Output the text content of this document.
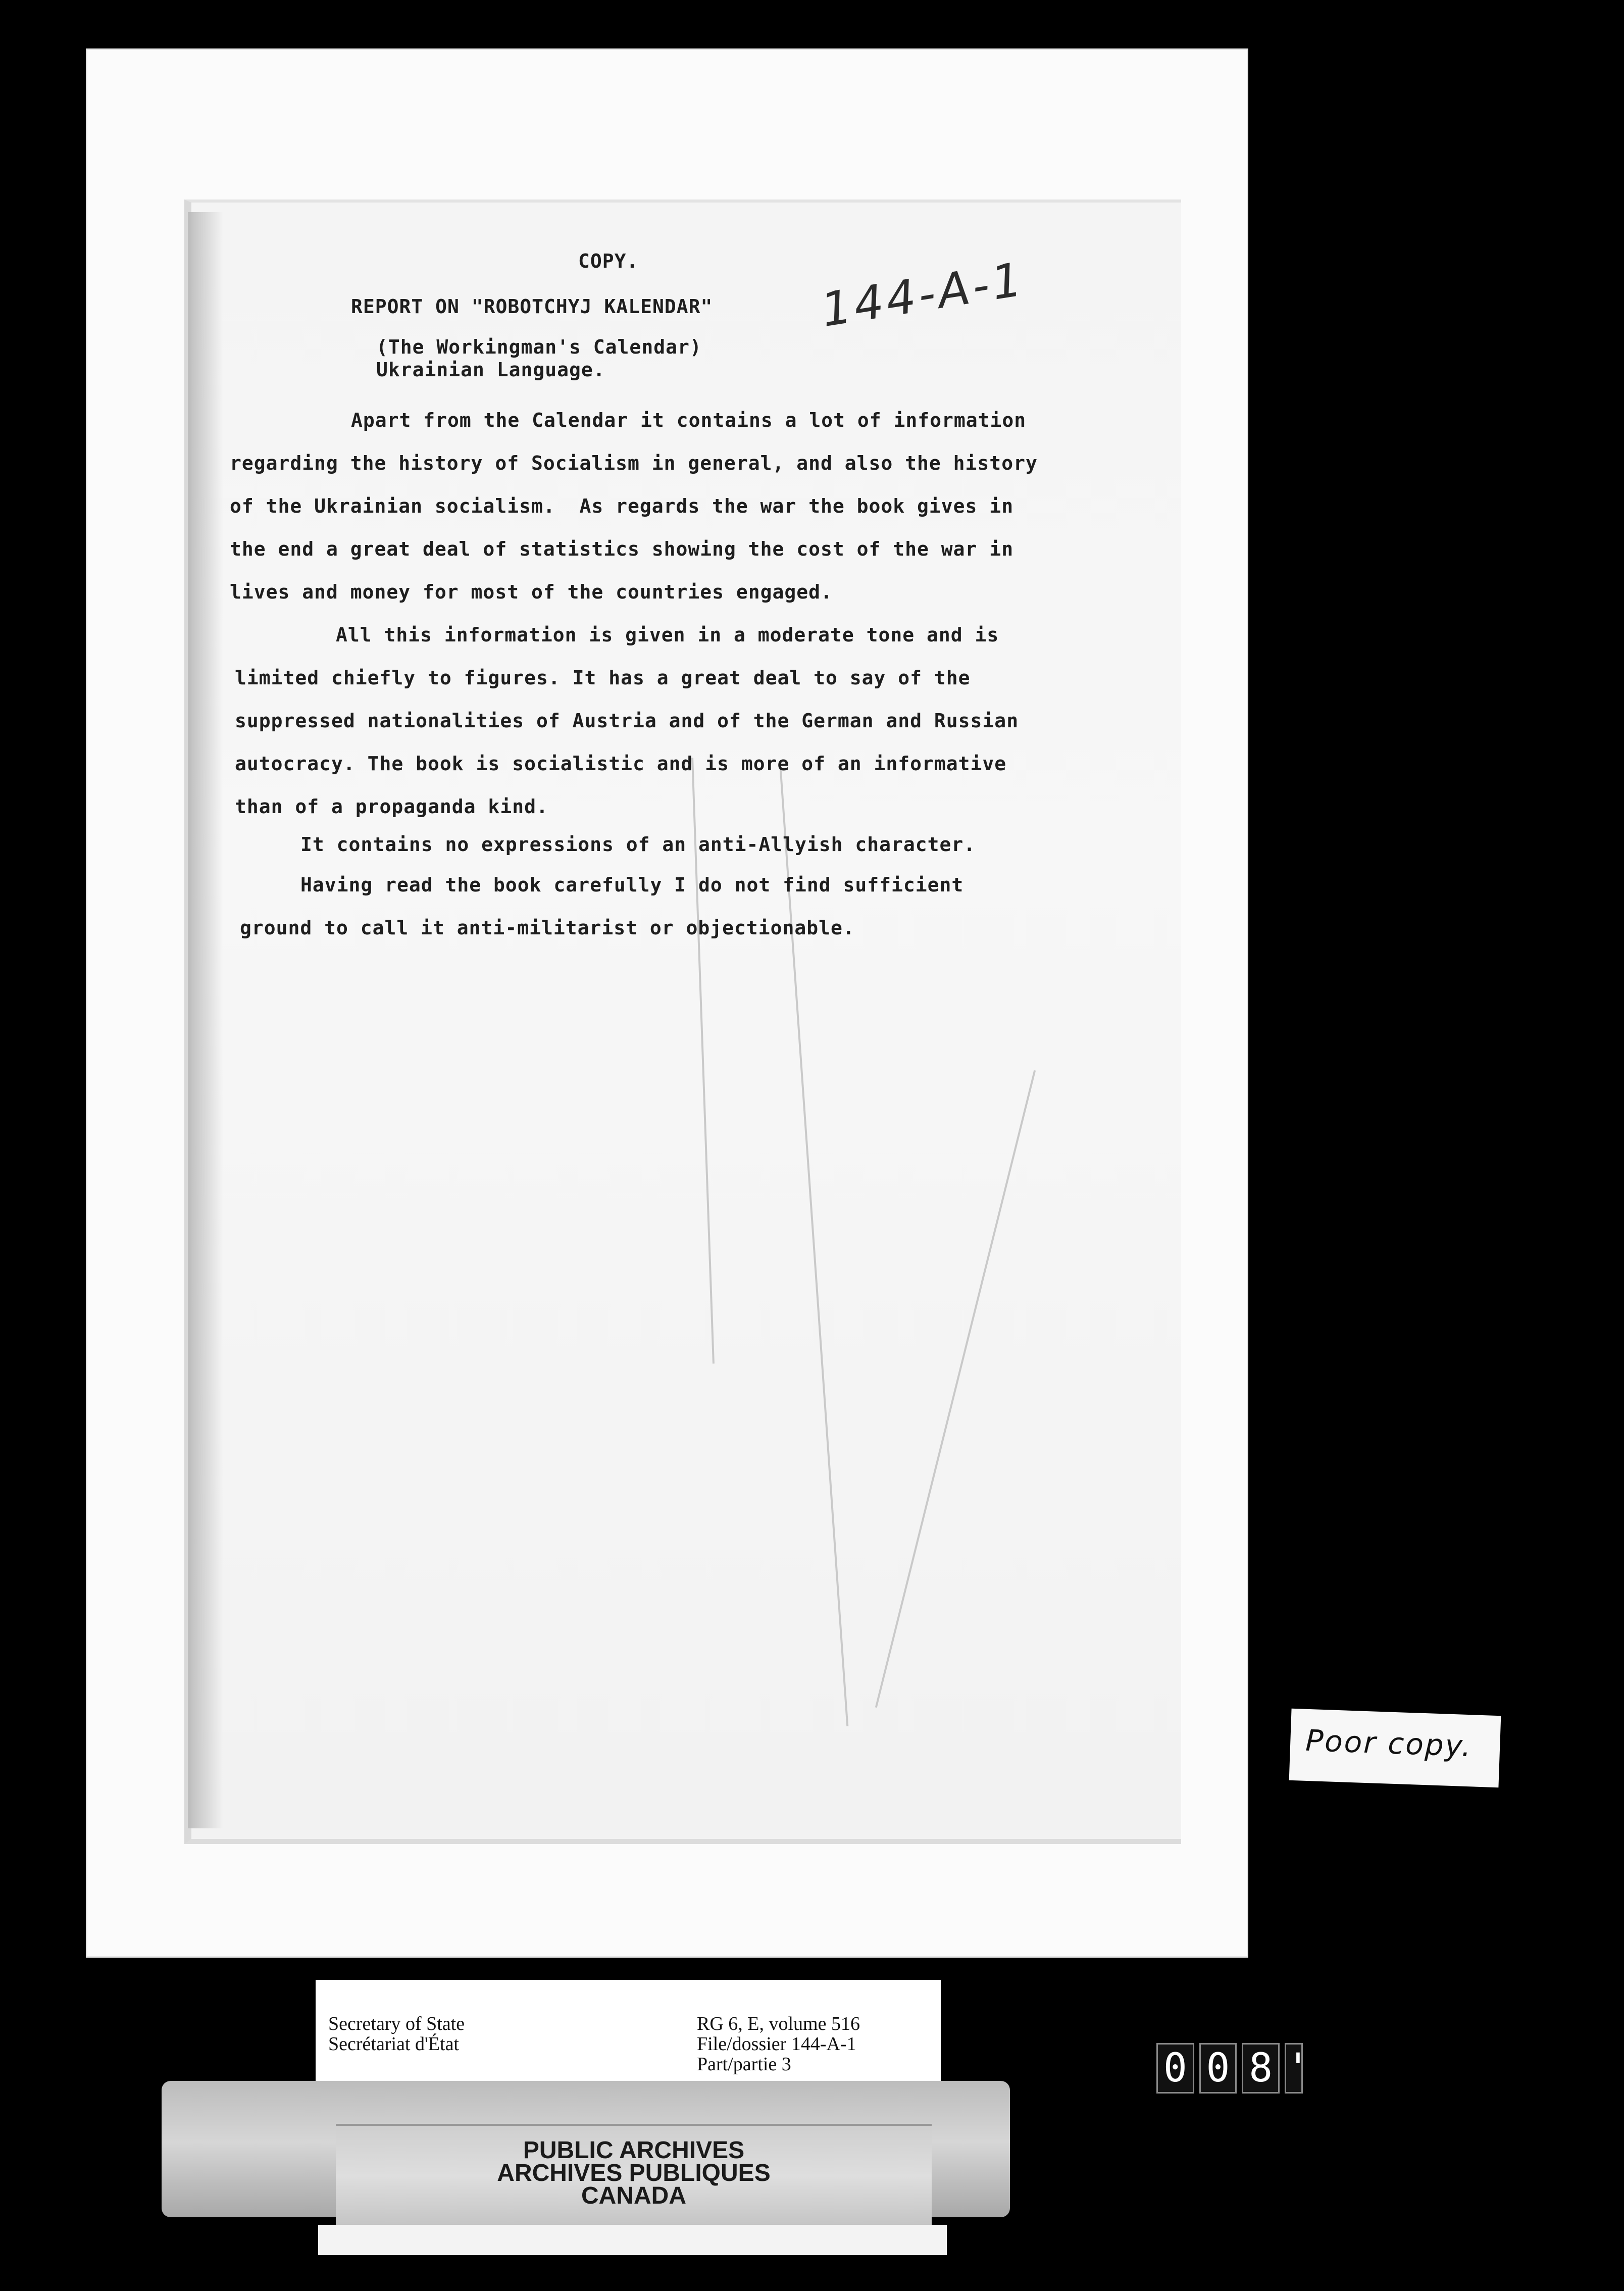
COPY.
REPORT ON "ROBOTCHYJ KALENDAR"
(The Workingman's Calendar)
Ukrainian Language.
Apart from the Calendar it contains a lot of information
regarding the history of Socialism in general, and also the history
of the Ukrainian socialism.  As regards the war the book gives in
the end a great deal of statistics showing the cost of the war in
lives and money for most of the countries engaged.
All this information is given in a moderate tone and is
limited chiefly to figures. It has a great deal to say of the
suppressed nationalities of Austria and of the German and Russian
autocracy. The book is socialistic and is more of an informative
than of a propaganda kind.
It contains no expressions of an anti-Allyish character.
Having read the book carefully I do not find sufficient
ground to call it anti-militarist or objectionable.
144-A-1
Poor copy.
0 0 8 '
Secretary of State
Secrétariat d'État
RG 6, E, volume 516
File/dossier 144-A-1
Part/partie 3
PUBLIC ARCHIVES
ARCHIVES PUBLIQUES
CANADA
